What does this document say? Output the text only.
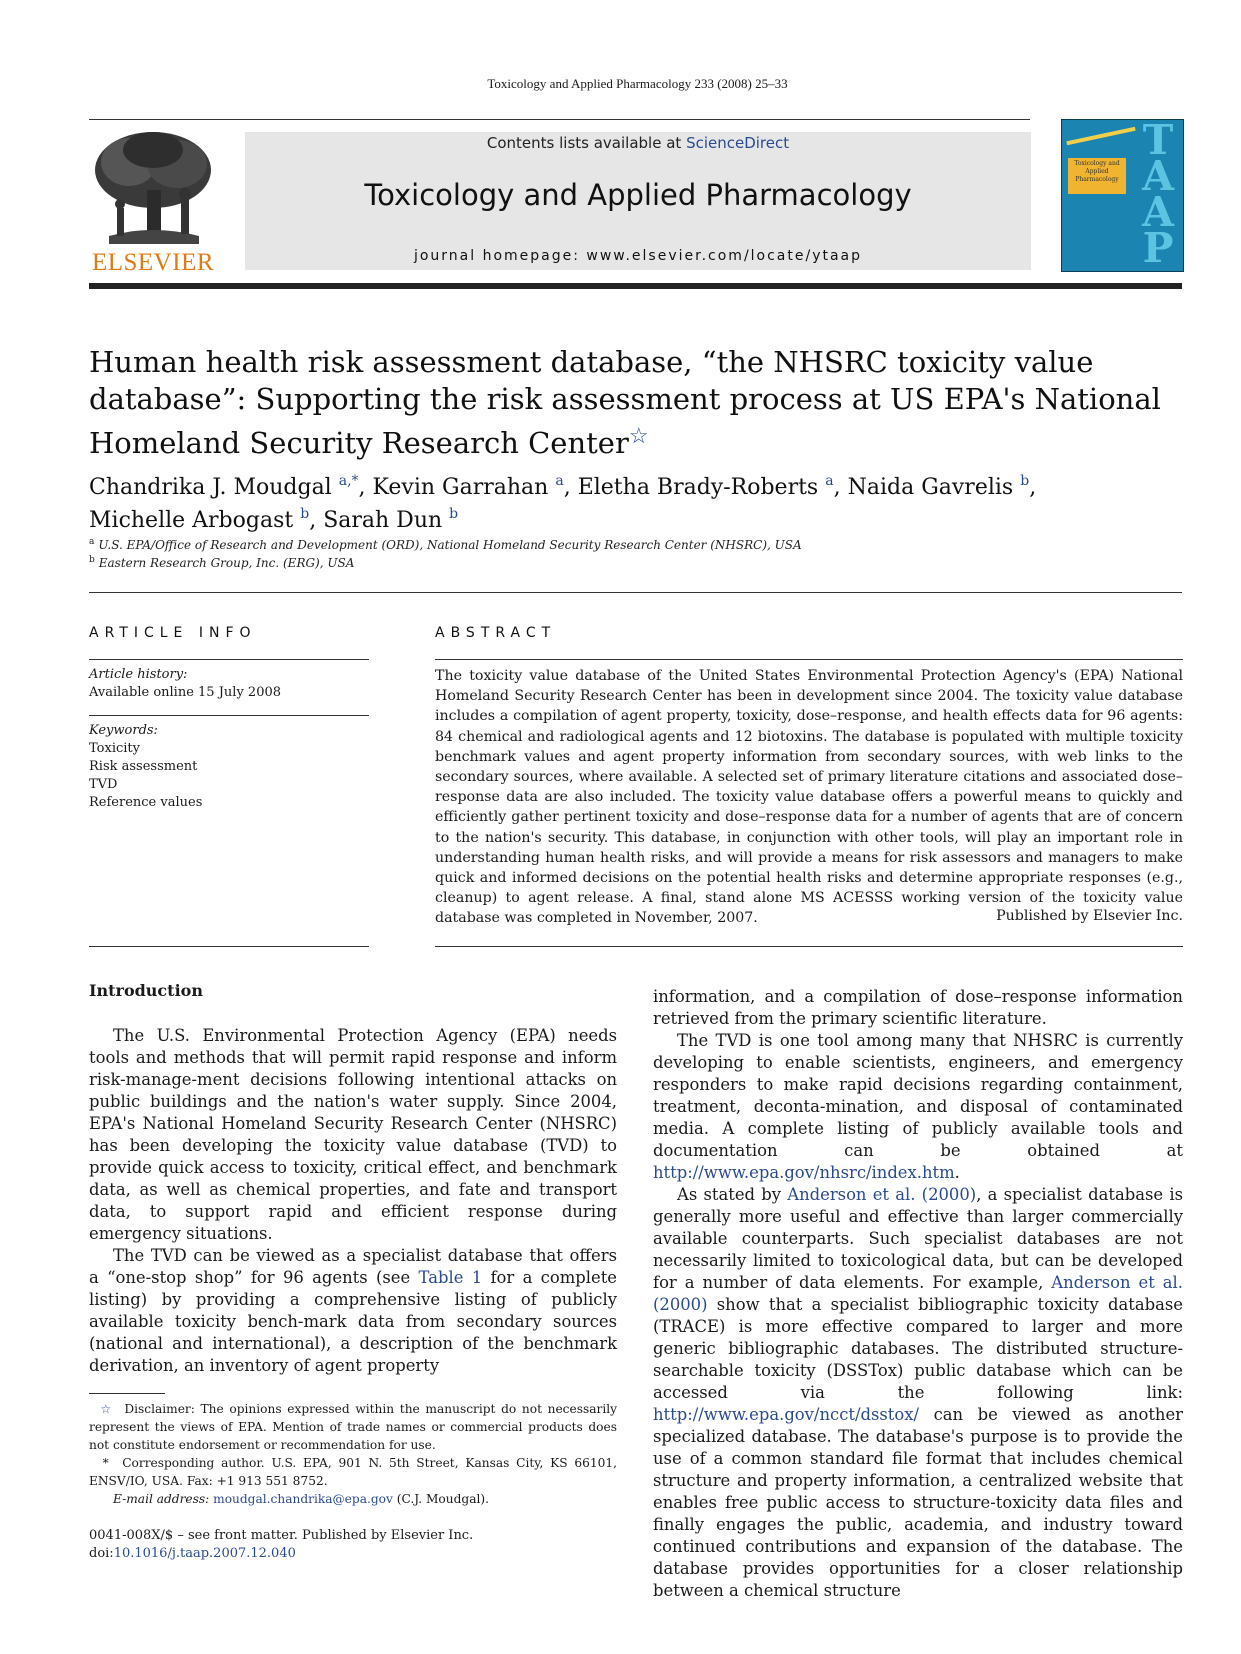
Toxicology and Applied Pharmacology 233 (2008) 25–33
ELSEVIER
Contents lists available at ScienceDirect
Toxicology and Applied Pharmacology
journal homepage: www.elsevier.com/locate/ytaap
Toxicology and Applied Pharmacology
T
A
A
P
Human health risk assessment database, “the NHSRC toxicity value database”: Supporting the risk assessment process at US EPA's National Homeland Security Research Center☆
Chandrika J. Moudgal $^{a,*}$, Kevin Garrahan $^a$, Eletha Brady-Roberts $^a$, Naida Gavrelis $^b$,
Michelle Arbogast $^b$, Sarah Dun $^b$
$^a$ U.S. EPA/Office of Research and Development (ORD), National Homeland Security Research Center (NHSRC), USA
$^b$ Eastern Research Group, Inc. (ERG), USA
ARTICLE INFO
Article history:
Available online 15 July 2008
Keywords:
Toxicity
Risk assessment
TVD
Reference values
ABSTRACT
The toxicity value database of the United States Environmental Protection Agency's (EPA) National Homeland Security Research Center has been in development since 2004. The toxicity value database includes a compilation of agent property, toxicity, dose–response, and health effects data for 96 agents: 84 chemical and radiological agents and 12 biotoxins. The database is populated with multiple toxicity benchmark values and agent property information from secondary sources, with web links to the secondary sources, where available. A selected set of primary literature citations and associated dose–response data are also included. The toxicity value database offers a powerful means to quickly and efficiently gather pertinent toxicity and dose–response data for a number of agents that are of concern to the nation's security. This database, in conjunction with other tools, will play an important role in understanding human health risks, and will provide a means for risk assessors and managers to make quick and informed decisions on the potential health risks and determine appropriate responses (e.g., cleanup) to agent release. A final, stand alone MS ACESSS working version of the toxicity value database was completed in November, 2007.	Published by Elsevier Inc.
Introduction

The U.S. Environmental Protection Agency (EPA) needs tools and methods that will permit rapid response and inform risk-manage-ment decisions following intentional attacks on public buildings and the nation's water supply. Since 2004, EPA's National Homeland Security Research Center (NHSRC) has been developing the toxicity value database (TVD) to provide quick access to toxicity, critical effect, and benchmark data, as well as chemical properties, and fate and transport data, to support rapid and efficient response during emergency situations.

The TVD can be viewed as a specialist database that offers a “one-stop shop” for 96 agents (see Table 1 for a complete listing) by providing a comprehensive listing of publicly available toxicity bench-mark data from secondary sources (national and international), a description of the benchmark derivation, an inventory of agent property

information, and a compilation of dose–response information retrieved from the primary scientific literature.

The TVD is one tool among many that NHSRC is currently developing to enable scientists, engineers, and emergency responders to make rapid decisions regarding containment, treatment, deconta-mination, and disposal of contaminated media. A complete listing of publicly available tools and documentation can be obtained at http://www.epa.gov/nhsrc/index.htm.

As stated by Anderson et al. (2000), a specialist database is generally more useful and effective than larger commercially available counterparts. Such specialist databases are not necessarily limited to toxicological data, but can be developed for a number of data elements. For example, Anderson et al. (2000) show that a specialist bibliographic toxicity database (TRACE) is more effective compared to larger and more generic bibliographic databases. The distributed structure-searchable toxicity (DSSTox) public database which can be accessed via the following link: http://www.epa.gov/ncct/dsstox/ can be viewed as another specialized database. The database's purpose is to provide the use of a common standard file format that includes chemical structure and property information, a centralized website that enables free public access to structure-toxicity data files and finally engages the public, academia, and industry toward continued contributions and expansion of the database. The database provides opportunities for a closer relationship between a chemical structure

☆ Disclaimer: The opinions expressed within the manuscript do not necessarily represent the views of EPA. Mention of trade names or commercial products does not constitute endorsement or recommendation for use.
* Corresponding author. U.S. EPA, 901 N. 5th Street, Kansas City, KS 66101, ENSV/IO, USA. Fax: +1 913 551 8752.
E-mail address: moudgal.chandrika@epa.gov (C.J. Moudgal).
0041-008X/$ – see front matter. Published by Elsevier Inc.
doi:10.1016/j.taap.2007.12.040
